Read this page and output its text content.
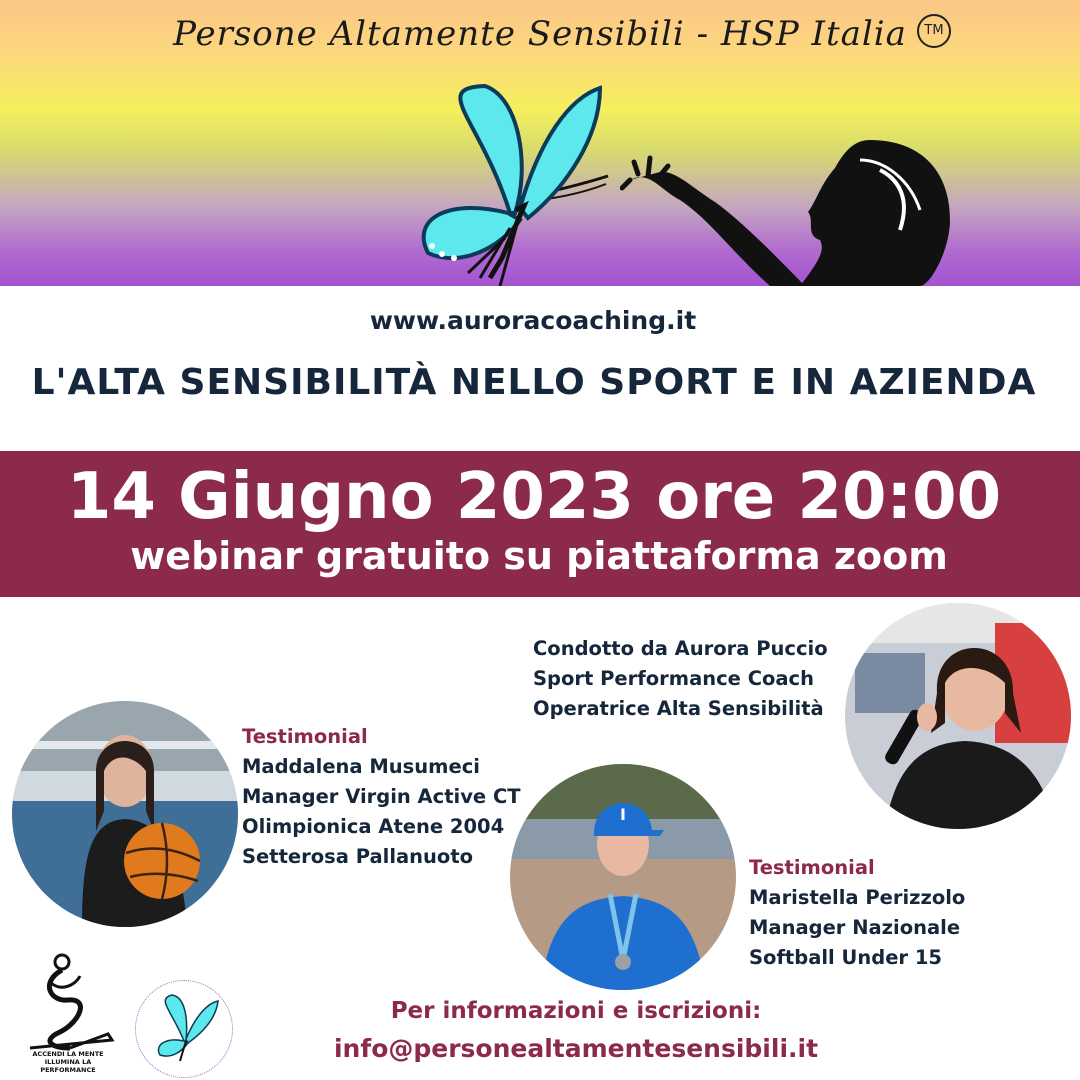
Persone Altamente Sensibili - HSP Italia	TM
www.auroracoaching.it
L'ALTA SENSIBILITÀ NELLO SPORT E IN AZIENDA
14 Giugno 2023 ore 20:00
webinar gratuito su piattaforma zoom
I
Testimonial
Maddalena Musumeci
Manager Virgin Active CT
Olimpionica Atene 2004
Setterosa Pallanuoto
Condotto da Aurora Puccio
Sport Performance Coach
Operatrice Alta Sensibilità
Testimonial
Maristella Perizzolo
Manager Nazionale
Softball Under 15
Per informazioni e iscrizioni:
info@personealtamentesensibili.it
ACCENDI LA MENTE
ILLUMINA LA PERFORMANCE
